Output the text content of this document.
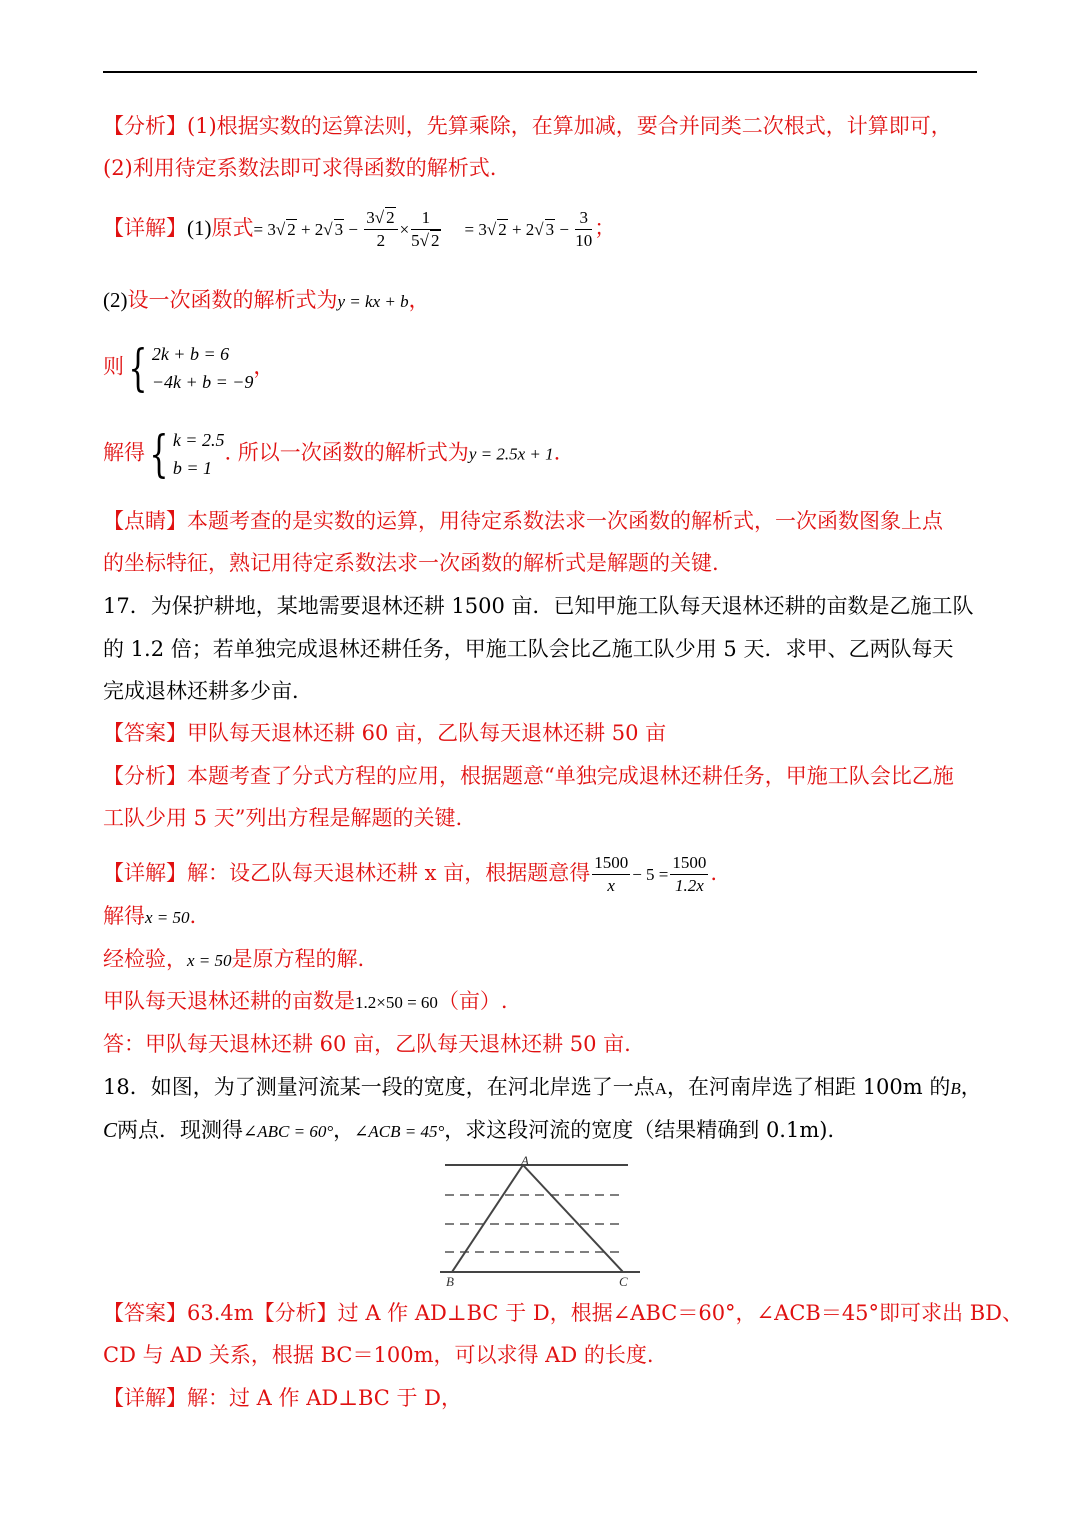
【分析】(1)根据实数的运算法则，先算乘除，在算加减，要合并同类二次根式，计算即可，
(2)利用待定系数法即可求得函数的解析式.
【详解】(1)原式= 3√ 2 + 2√ $3 - \frac{3√ 2}{2} \times \frac{1}{5√ 2} = 3√$ 2 + 2√ $3 - \frac{3}{10}$ ；
(2)设一次函数的解析式为y = kx + b，
则{ 2k + b = 6
−4k + b = −9
，
解得{ k = 2.5
b = 1
. 所以一次函数的解析式为y = 2.5x + 1.
【点睛】本题考查的是实数的运算，用待定系数法求一次函数的解析式，一次函数图象上点
的坐标特征，熟记用待定系数法求一次函数的解析式是解题的关键.
17．为保护耕地，某地需要退林还耕 1500 亩．已知甲施工队每天退林还耕的亩数是乙施工队
的 1.2 倍；若单独完成退林还耕任务，甲施工队会比乙施工队少用 5 天．求甲、乙两队每天
完成退林还耕多少亩．
【答案】甲队每天退林还耕 60 亩，乙队每天退林还耕 50 亩
【分析】本题考查了分式方程的应用，根据题意“单独完成退林还耕任务，甲施工队会比乙施
工队少用 5 天”列出方程是解题的关键.
【详解】解：设乙队每天退林还耕 x 亩，根据题意得 $\frac{1500}{x} - 5 = \frac{1500}{1.2x}$ .
解得x = 50.
经检验，x = 50是原方程的解.
甲队每天退林还耕的亩数是1.2×50 = 60（亩）.
答：甲队每天退林还耕 60 亩，乙队每天退林还耕 50 亩.
18．如图，为了测量河流某一段的宽度，在河北岸选了一点A，在河南岸选了相距 100m 的B，
C两点．现测得∠ABC = 60°，∠ACB = 45°，求这段河流的宽度（结果精确到 0.1m)．
A
B	C
【答案】63.4m【分析】过 A 作 AD⊥BC 于 D，根据∠ABC＝60°，∠ACB＝45°即可求出 BD、
CD 与 AD 关系，根据 BC＝100m，可以求得 AD 的长度.
【详解】解：过 A 作 AD⊥BC 于 D，
